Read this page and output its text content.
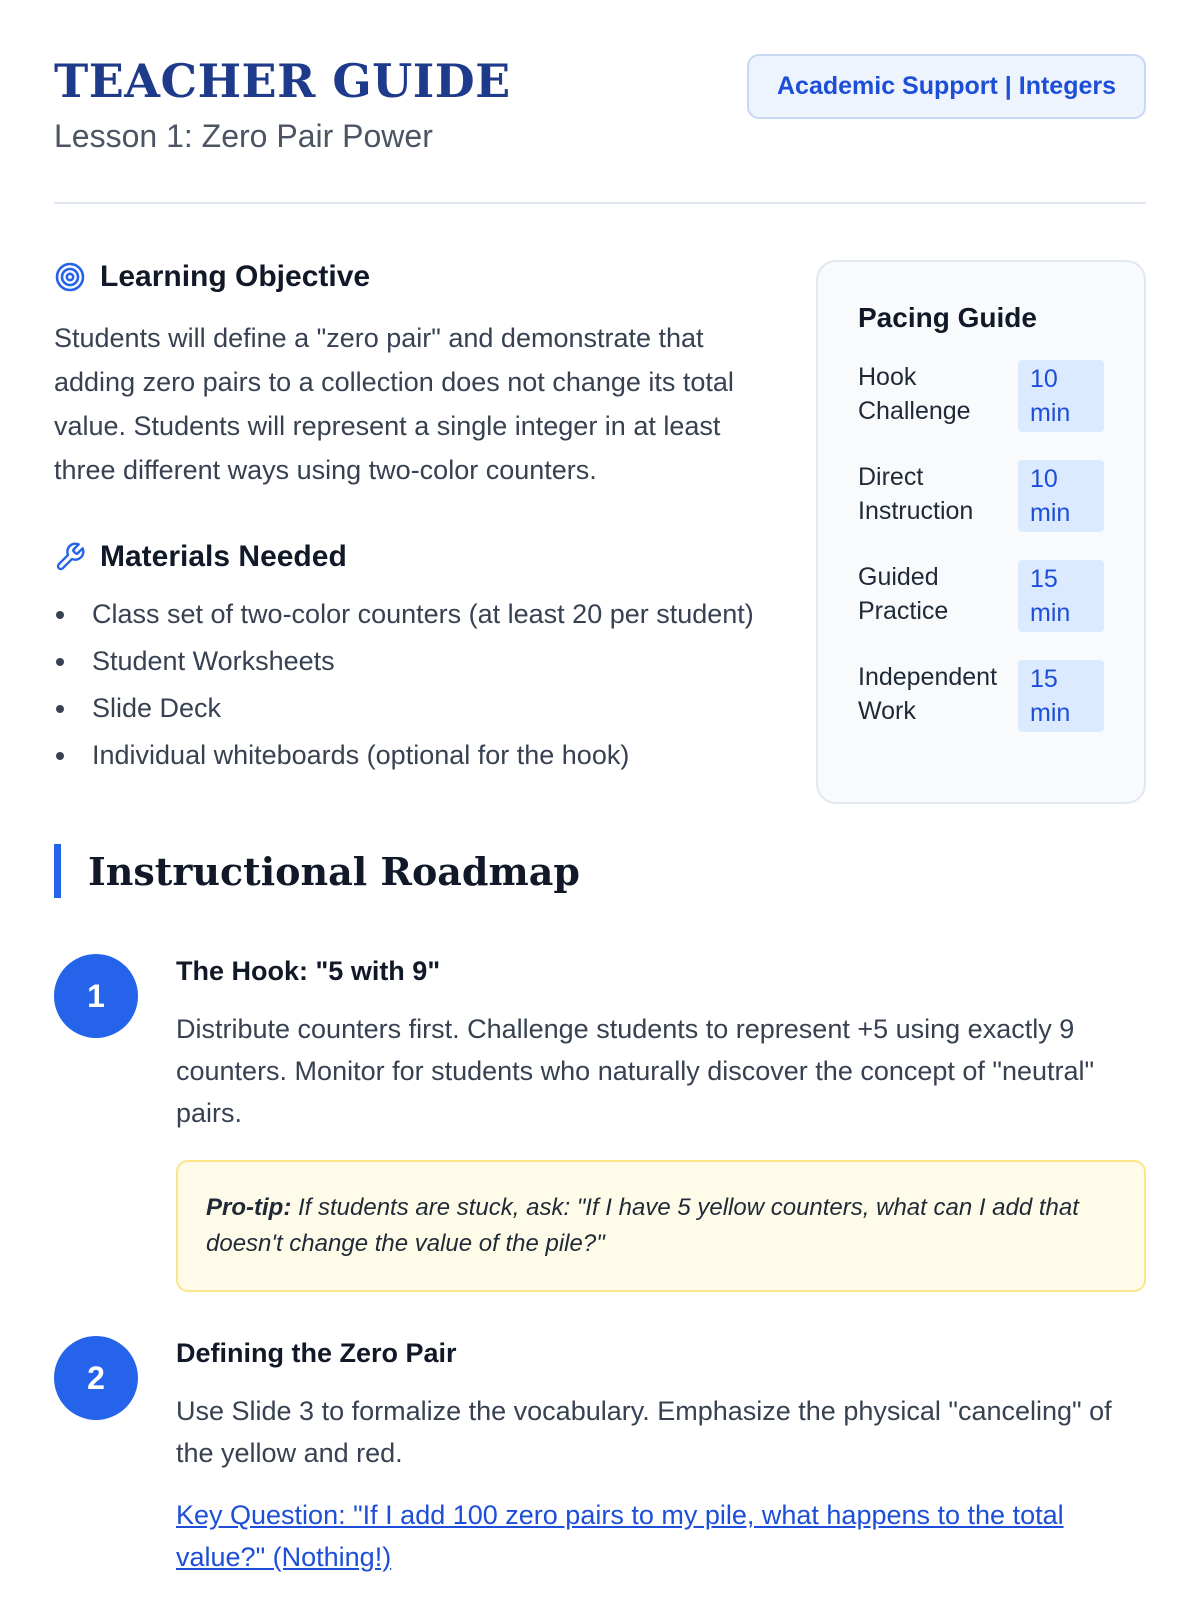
TEACHER GUIDE
Lesson 1: Zero Pair Power
Academic Support | Integers
Learning Objective

Students will define a "zero pair" and demonstrate that adding zero pairs to a collection does not change its total value. Students will represent a single integer in at least three different ways using two-color counters.

Materials Needed
Class set of two-color counters (at least 20 per student)
Student Worksheets
Slide Deck
Individual whiteboards (optional for the hook)
Pacing Guide
Hook Challenge
10 min
Direct Instruction
10 min
Guided Practice
15 min
Independent Work
15 min
Instructional Roadmap
1
The Hook: "5 with 9"

Distribute counters first. Challenge students to represent +5 using exactly 9 counters. Monitor for students who naturally discover the concept of "neutral" pairs.

Pro-tip: If students are stuck, ask: "If I have 5 yellow counters, what can I add that doesn't change the value of the pile?"
2
Defining the Zero Pair

Use Slide 3 to formalize the vocabulary. Emphasize the physical "canceling" of the yellow and red.

Key Question: "If I add 100 zero pairs to my pile, what happens to the total value?" (Nothing!)
